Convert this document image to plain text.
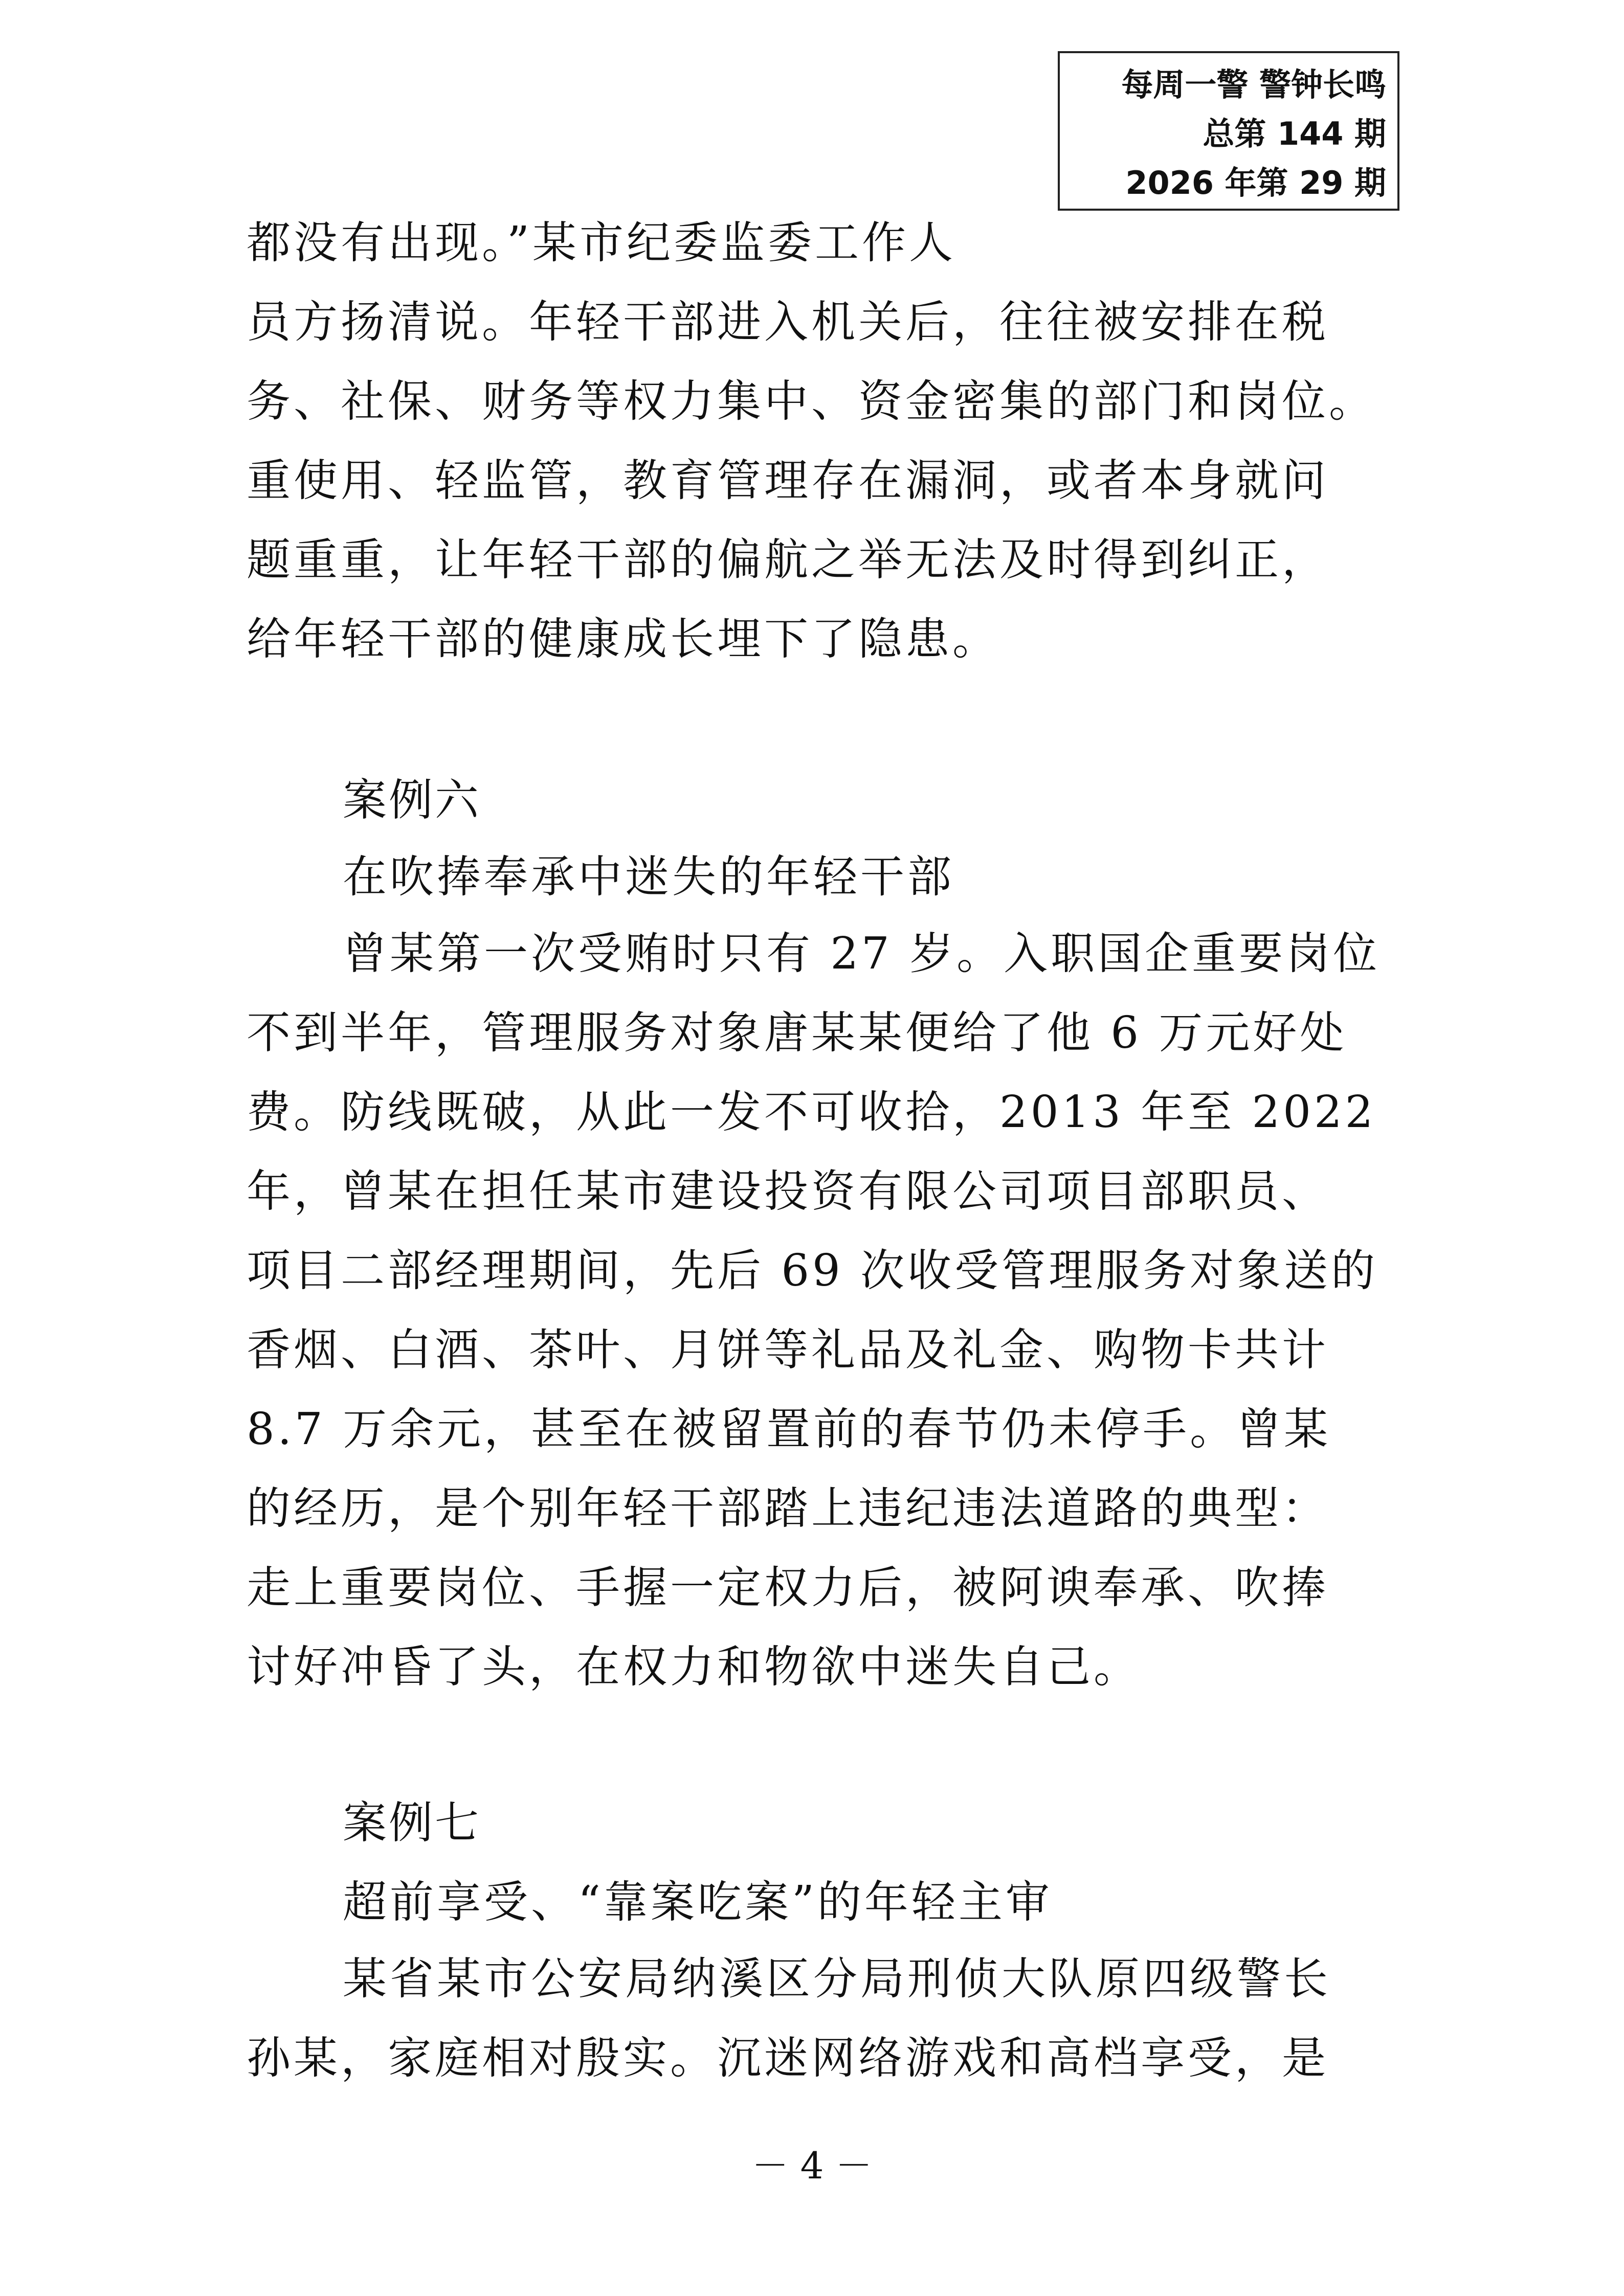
每周一警 警钟长鸣
总第 144 期
2026 年第 29 期
都没有出现。”某市纪委监委工作人
员方扬清说。年轻干部进入机关后，往往被安排在税
务、社保、财务等权力集中、资金密集的部门和岗位。
重使用、轻监管，教育管理存在漏洞，或者本身就问
题重重，让年轻干部的偏航之举无法及时得到纠正，
给年轻干部的健康成长埋下了隐患。
案例六
在吹捧奉承中迷失的年轻干部
曾某第一次受贿时只有 27 岁。入职国企重要岗位
不到半年，管理服务对象唐某某便给了他 6 万元好处
费。防线既破，从此一发不可收拾，2013 年至 2022
年，曾某在担任某市建设投资有限公司项目部职员、
项目二部经理期间，先后 69 次收受管理服务对象送的
香烟、白酒、茶叶、月饼等礼品及礼金、购物卡共计
8.7 万余元，甚至在被留置前的春节仍未停手。曾某
的经历，是个别年轻干部踏上违纪违法道路的典型：
走上重要岗位、手握一定权力后，被阿谀奉承、吹捧
讨好冲昏了头，在权力和物欲中迷失自己。
案例七
超前享受、“靠案吃案”的年轻主审
某省某市公安局纳溪区分局刑侦大队原四级警长
孙某，家庭相对殷实。沉迷网络游戏和高档享受，是
－ 4 －
